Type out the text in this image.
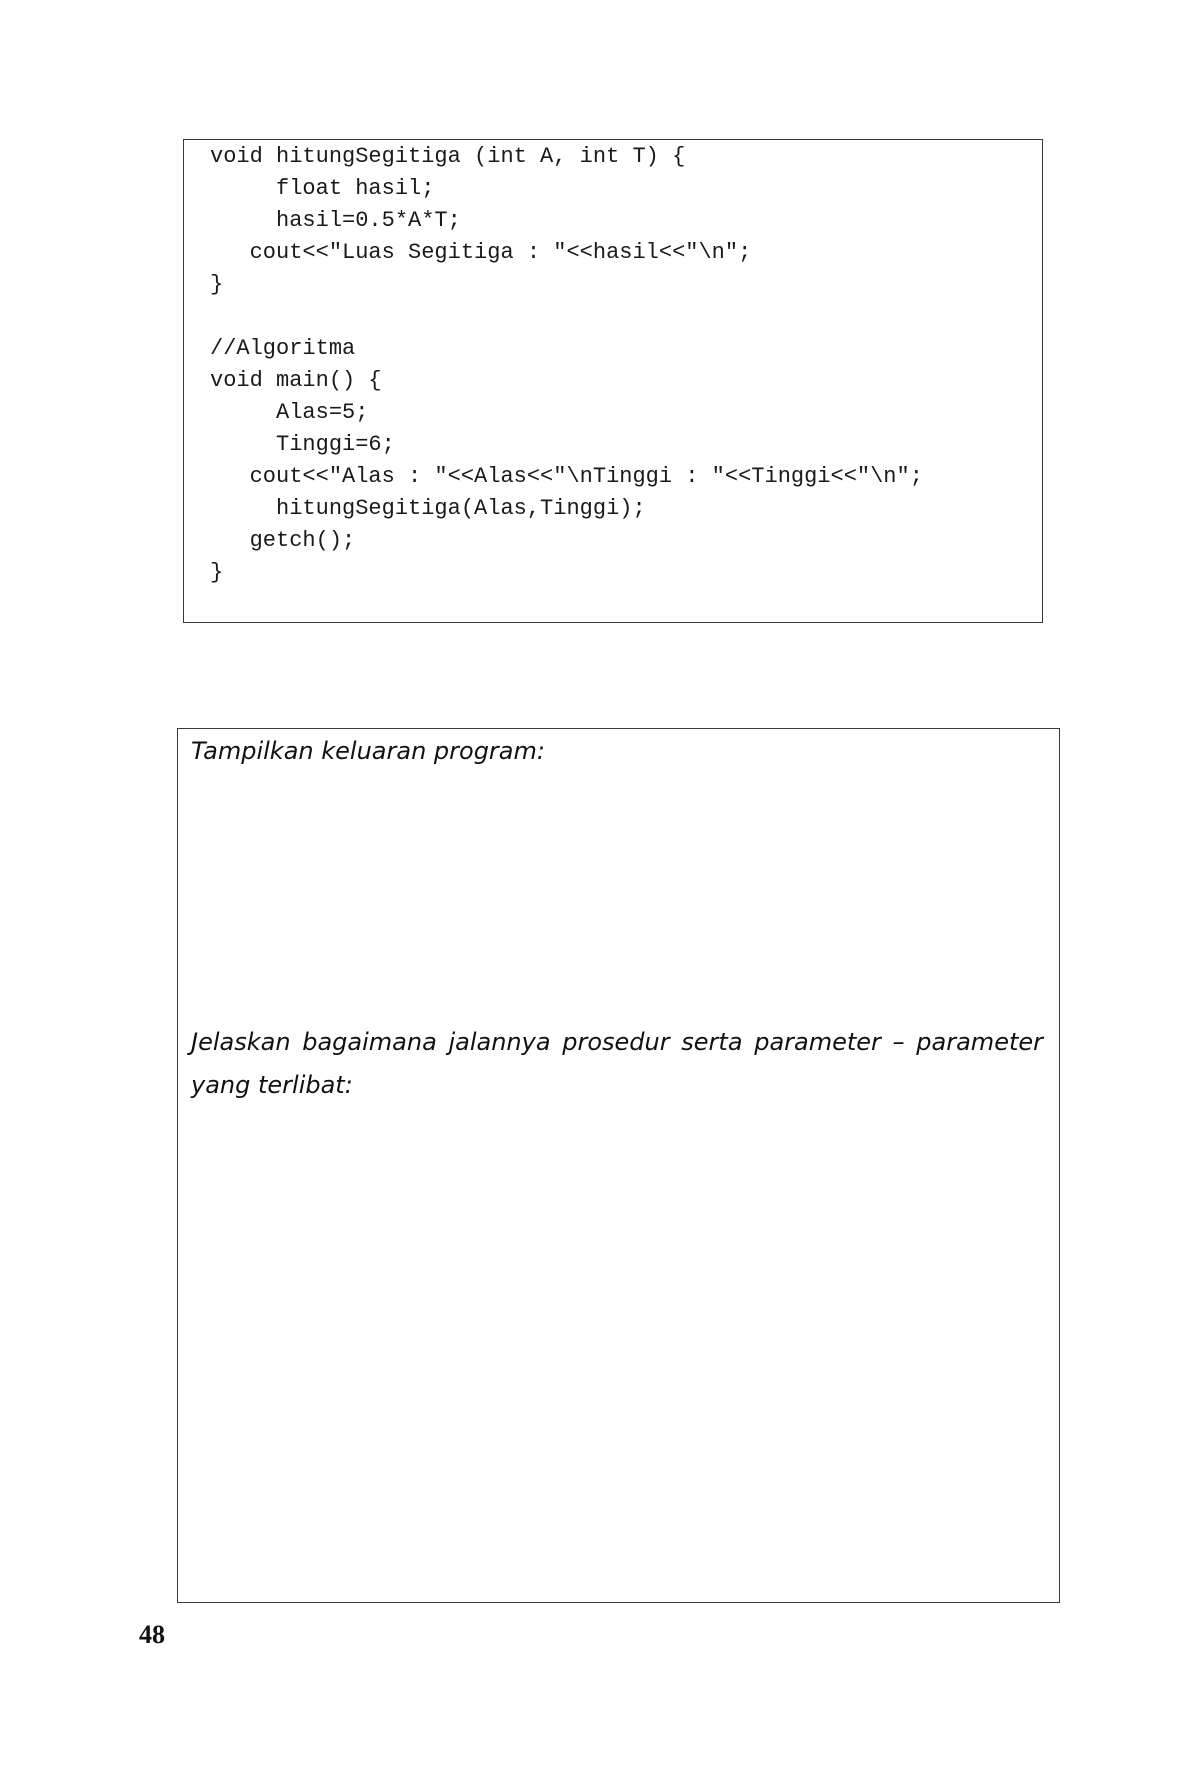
void hitungSegitiga (int A, int T) {
float hasil;
hasil=0.5*A*T;
cout<<"Luas Segitiga : "<<hasil<<"\n";
}
//Algoritma
void main() {
Alas=5;
Tinggi=6;
cout<<"Alas : "<<Alas<<"\nTinggi : "<<Tinggi<<"\n";
hitungSegitiga(Alas,Tinggi);
getch();
}

Tampilkan keluaran program:

Jelaskan bagaimana jalannya prosedur serta parameter – parameter yang terlibat:

48
